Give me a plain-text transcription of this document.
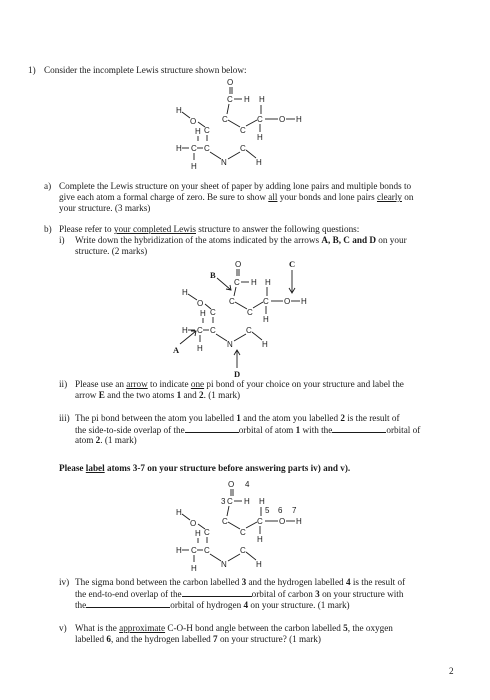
1) Consider the incomplete Lewis structure shown below:
O
C H H
H
O	C
C	C
C O H
H
H
H C C
N
C
H
H
a) Complete the Lewis structure on your sheet of paper by adding lone pairs and multiple bonds to
give each atom a formal charge of zero. Be sure to show all your bonds and lone pairs clearly on
your structure. (3 marks)
b) Please refer to your completed Lewis structure to answer the following questions:
i) Write down the hybridization of the atoms indicated by the arrows A, B, C and D on your
structure. (2 marks)
C
O
B
C H H
H
O	C
C	C
C O H
H
H
H C C
N
C
H
H
A
D
ii) Please use an arrow to indicate one pi bond of your choice on your structure and label the
arrow E and the two atoms 1 and 2. (1 mark)
iii) The pi bond between the atom you labelled 1 and the atom you labelled 2 is the result of
the side-to-side overlap of the	orbital of atom 1 with the	orbital of
atom 2. (1 mark)
Please label atoms 3-7 on your structure before answering parts iv) and v).
O 4
3 C H H
5 6 7
H
O	C
C	C
C O H
H
H
H C C
N
C
H
H
iv) The sigma bond between the carbon labelled 3 and the hydrogen labelled 4 is the result of
the end-to-end overlap of the	orbital of carbon 3 on your structure with
the	orbital of hydrogen 4 on your structure. (1 mark)
v) What is the approximate C-O-H bond angle between the carbon labelled 5, the oxygen
labelled 6, and the hydrogen labelled 7 on your structure? (1 mark)
2
